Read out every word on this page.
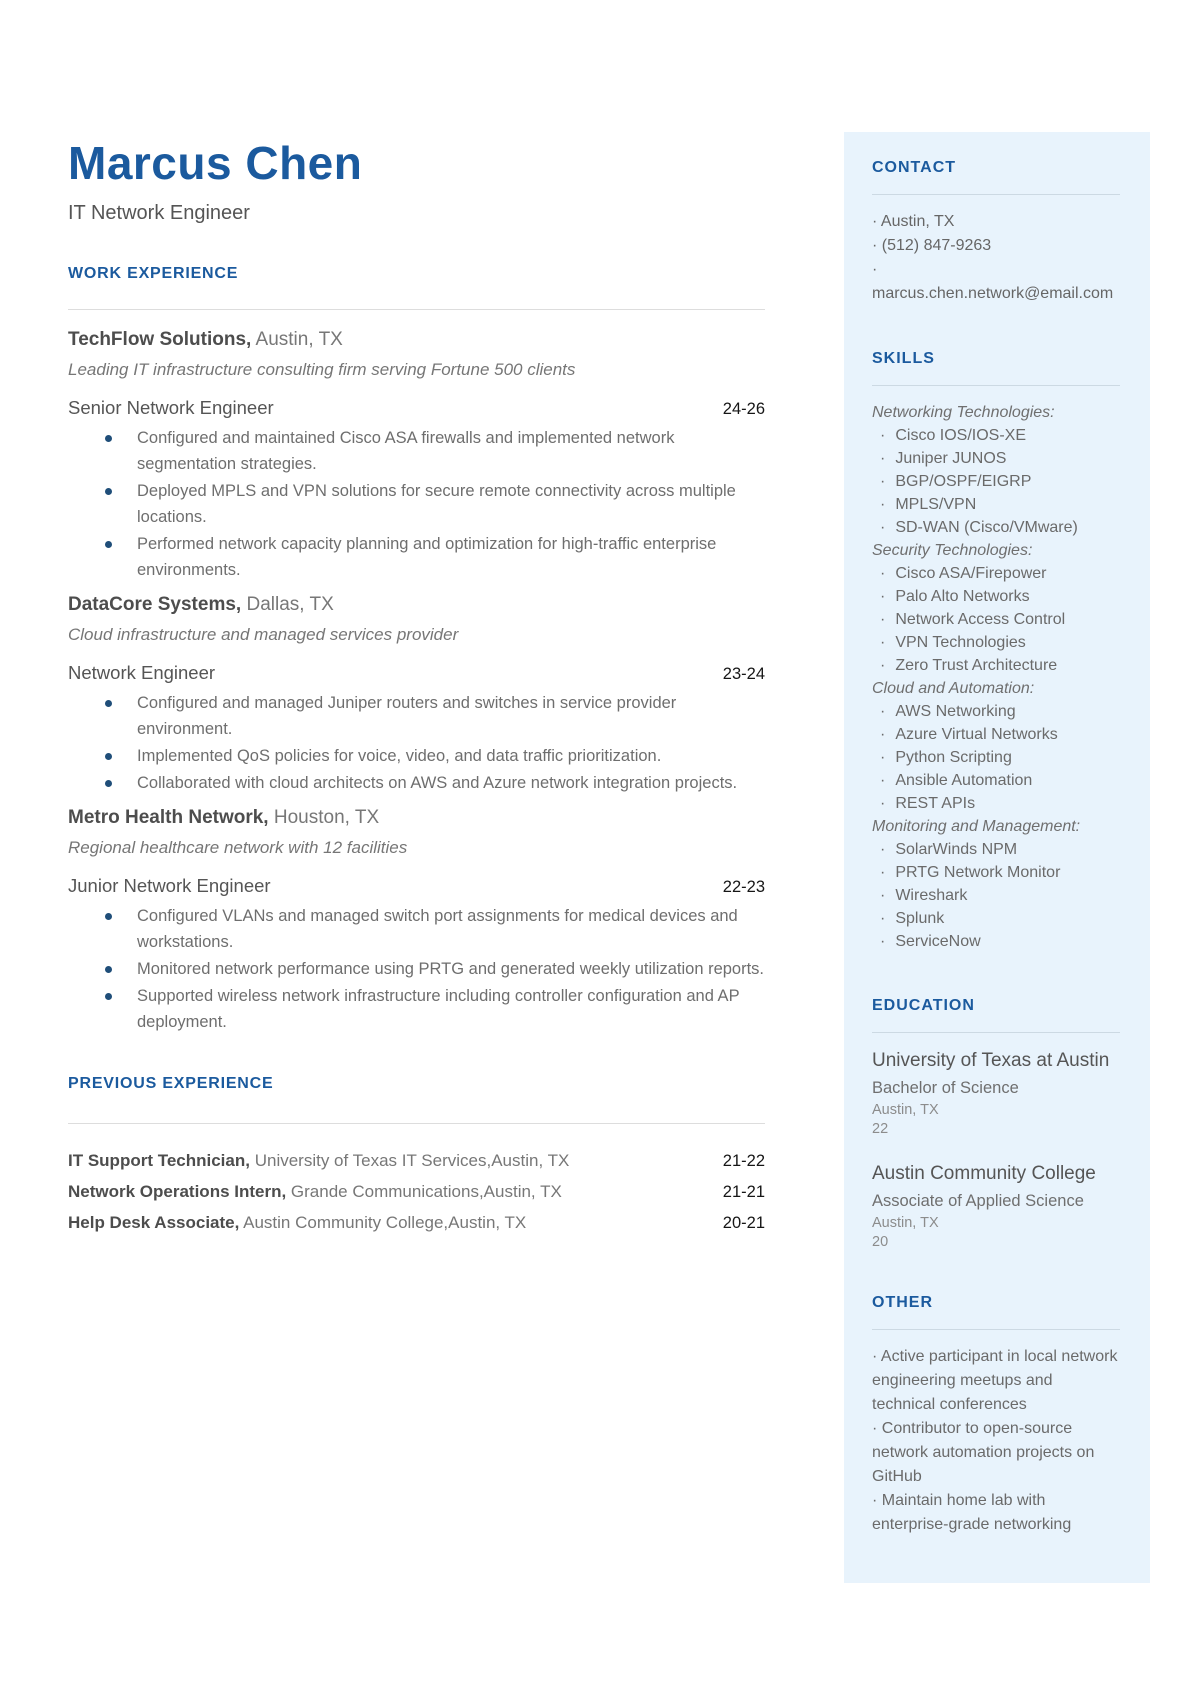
Marcus Chen
IT Network Engineer
WORK EXPERIENCE
TechFlow Solutions, Austin, TX
Leading IT infrastructure consulting firm serving Fortune 500 clients
Senior Network Engineer	24-26
Configured and maintained Cisco ASA firewalls and implemented network segmentation strategies.
Deployed MPLS and VPN solutions for secure remote connectivity across multiple locations.
Performed network capacity planning and optimization for high-traffic enterprise environments.
DataCore Systems, Dallas, TX
Cloud infrastructure and managed services provider
Network Engineer	23-24
Configured and managed Juniper routers and switches in service provider environment.
Implemented QoS policies for voice, video, and data traffic prioritization.
Collaborated with cloud architects on AWS and Azure network integration projects.
Metro Health Network, Houston, TX
Regional healthcare network with 12 facilities
Junior Network Engineer	22-23
Configured VLANs and managed switch port assignments for medical devices and workstations.
Monitored network performance using PRTG and generated weekly utilization reports.
Supported wireless network infrastructure including controller configuration and AP deployment.
PREVIOUS EXPERIENCE
IT Support Technician, University of Texas IT Services,Austin, TX	21-22
Network Operations Intern, Grande Communications,Austin, TX	21-21
Help Desk Associate, Austin Community College,Austin, TX	20-21
CONTACT
· Austin, TX
· (512) 847-9263
· marcus.chen.network@email.com
SKILLS
Networking Technologies:
· Cisco IOS/IOS-XE
· Juniper JUNOS
· BGP/OSPF/EIGRP
· MPLS/VPN
· SD-WAN (Cisco/VMware)
Security Technologies:
· Cisco ASA/Firepower
· Palo Alto Networks
· Network Access Control
· VPN Technologies
· Zero Trust Architecture
Cloud and Automation:
· AWS Networking
· Azure Virtual Networks
· Python Scripting
· Ansible Automation
· REST APIs
Monitoring and Management:
· SolarWinds NPM
· PRTG Network Monitor
· Wireshark
· Splunk
· ServiceNow
EDUCATION
University of Texas at Austin
Bachelor of Science
Austin, TX
22
Austin Community College
Associate of Applied Science
Austin, TX
20
OTHER
· Active participant in local network engineering meetups and technical conferences
· Contributor to open-source network automation projects on GitHub
· Maintain home lab with enterprise-grade networking
